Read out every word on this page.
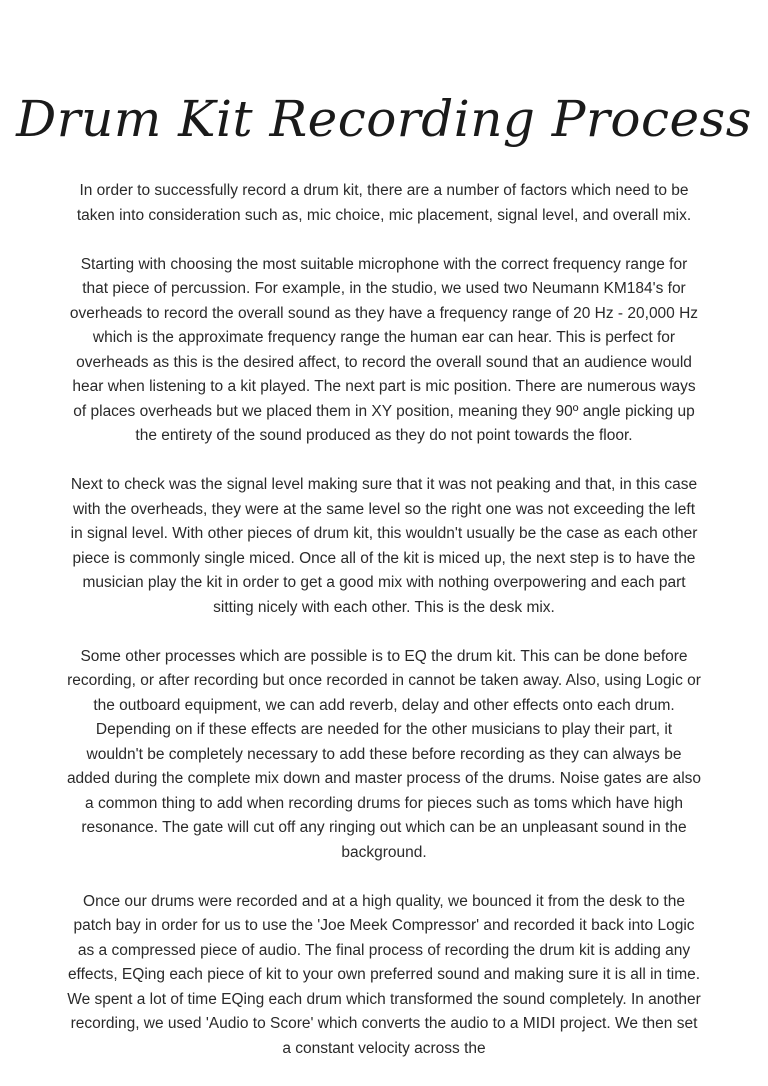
Drum Kit Recording Process

In order to successfully record a drum kit, there are a number of factors which need to be taken into consideration such as, mic choice, mic placement, signal level, and overall mix.

Starting with choosing the most suitable microphone with the correct frequency range for that piece of percussion. For example, in the studio, we used two Neumann KM184's for overheads to record the overall sound as they have a frequency range of 20 Hz - 20,000 Hz which is the approximate frequency range the human ear can hear. This is perfect for overheads as this is the desired affect, to record the overall sound that an audience would hear when listening to a kit played. The next part is mic position. There are numerous ways of places overheads but we placed them in XY position, meaning they 90º angle picking up the entirety of the sound produced as they do not point towards the floor.

Next to check was the signal level making sure that it was not peaking and that, in this case with the overheads, they were at the same level so the right one was not exceeding the left in signal level. With other pieces of drum kit, this wouldn't usually be the case as each other piece is commonly single miced. Once all of the kit is miced up, the next step is to have the musician play the kit in order to get a good mix with nothing overpowering and each part sitting nicely with each other. This is the desk mix.

Some other processes which are possible is to EQ the drum kit. This can be done before recording, or after recording but once recorded in cannot be taken away. Also, using Logic or the outboard equipment, we can add reverb, delay and other effects onto each drum. Depending on if these effects are needed for the other musicians to play their part, it wouldn't be completely necessary to add these before recording as they can always be added during the complete mix down and master process of the drums. Noise gates are also a common thing to add when recording drums for pieces such as toms which have high resonance. The gate will cut off any ringing out which can be an unpleasant sound in the background.

Once our drums were recorded and at a high quality, we bounced it from the desk to the patch bay in order for us to use the 'Joe Meek Compressor' and recorded it back into Logic as a compressed piece of audio. The final process of recording the drum kit is adding any effects, EQing each piece of kit to your own preferred sound and making sure it is all in time. We spent a lot of time EQing each drum which transformed the sound completely. In another recording, we used 'Audio to Score' which converts the audio to a MIDI project. We then set a constant velocity across the
